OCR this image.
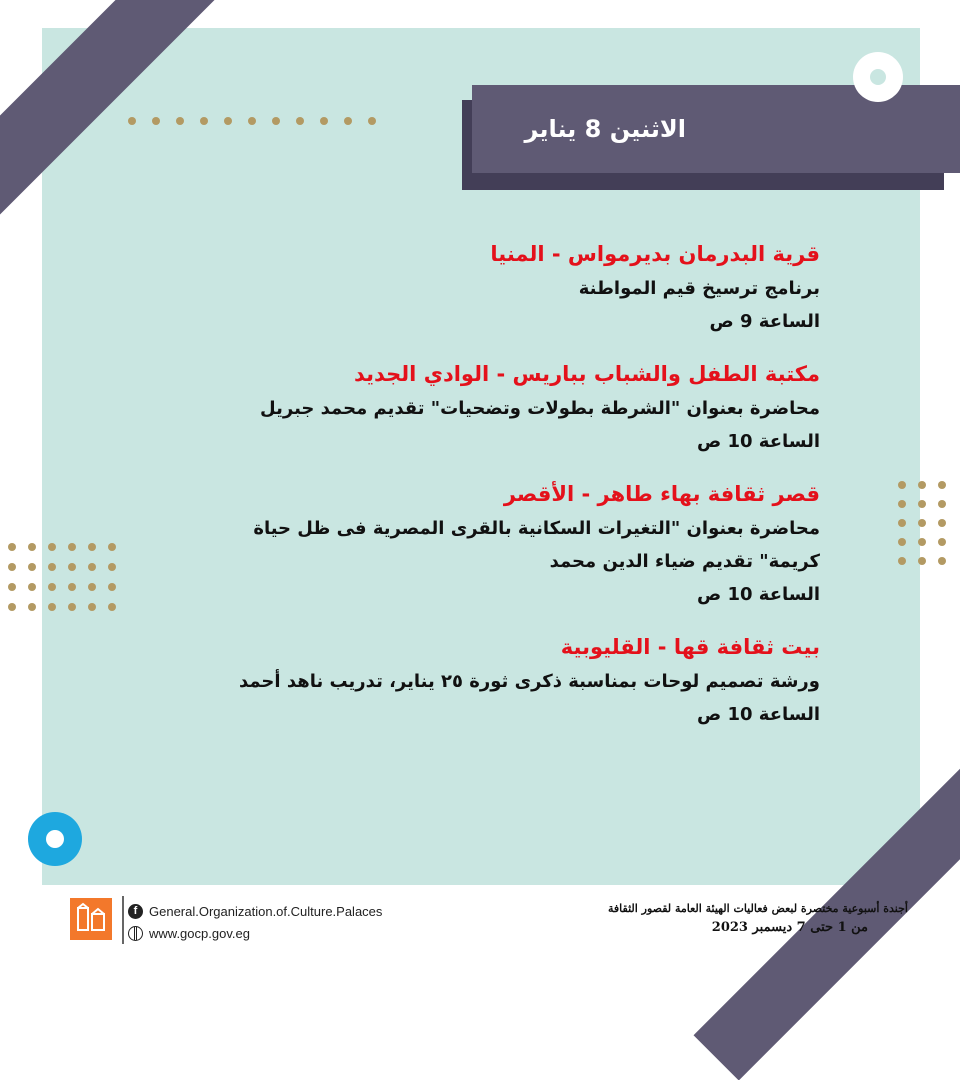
الاثنين 8 يناير
قرية البدرمان بديرمواس - المنيا
برنامج ترسيخ قيم المواطنة
الساعة 9 ص
مكتبة الطفل والشباب بباريس - الوادي الجديد
محاضرة بعنوان "الشرطة بطولات وتضحيات" تقديم محمد جبريل
الساعة 10 ص
قصر ثقافة بهاء طاهر - الأقصر
محاضرة بعنوان "التغيرات السكانية بالقرى المصرية فى ظل حياة
كريمة" تقديم ضياء الدين محمد
الساعة 10 ص
بيت ثقافة قها - القليوبية
ورشة تصميم لوحات بمناسبة ذكرى ثورة ٢٥ يناير، تدريب ناهد أحمد
الساعة 10 ص
f General.Organization.of.Culture.Palaces
www.gocp.gov.eg
أجندة أسبوعية مختصرة لبعض فعاليات الهيئة العامة لقصور الثقافة
من 1 حتى 7 ديسمبر 2023
